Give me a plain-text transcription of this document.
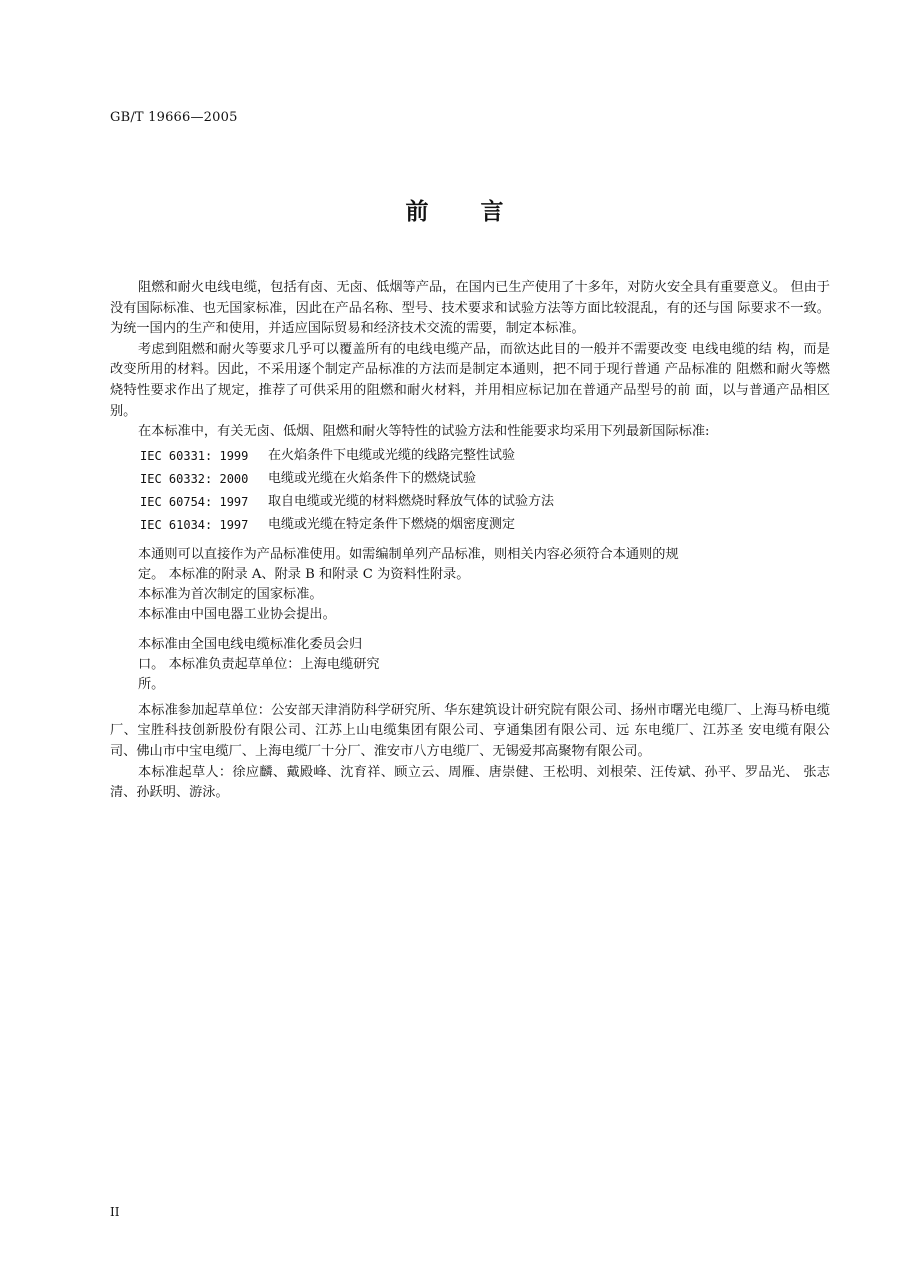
GB/T 19666—2005
前 言

阻燃和耐火电线电缆，包括有卤、无卤、低烟等产品，在国内已生产使用了十多年，对防火安全具有重要意义。 但由于没有国际标准、也无国家标准，因此在产品名称、型号、技术要求和试验方法等方面比较混乱，有的还与国 际要求不一致。为统一国内的生产和使用，并适应国际贸易和经济技术交流的需要，制定本标准。

考虑到阻燃和耐火等要求几乎可以覆盖所有的电线电缆产品，而欲达此目的一般并不需要改变 电线电缆的结 构，而是改变所用的材料。因此，不采用逐个制定产品标准的方法而是制定本通则，把不同于现行普通 产品标准的 阻燃和耐火等燃烧特性要求作出了规定，推荐了可供采用的阻燃和耐火材料，并用相应标记加在普通产品型号的前 面，以与普通产品相区别。

在本标准中，有关无卤、低烟、阻燃和耐火等特性的试验方法和性能要求均采用下列最新国际标准:

IEC 60331: 1999	在火焰条件下电缆或光缆的线路完整性试验
IEC 60332: 2000	电缆或光缆在火焰条件下的燃烧试验
IEC 60754: 1997	取自电缆或光缆的材料燃烧时释放气体的试验方法
IEC 61034: 1997	电缆或光缆在特定条件下燃烧的烟密度测定
本通则可以直接作为产品标准使用。如需编制单列产品标准，则相关内容必须符合本通则的规
定。 本标准的附录 A、附录 B 和附录 C 为资料性附录。
本标准为首次制定的国家标准。
本标准由中国电器工业协会提出。
本标准由全国电线电缆标准化委员会归
口。 本标准负责起草单位：上海电缆研究
所。

本标准参加起草单位：公安部天津消防科学研究所、华东建筑设计研究院有限公司、扬州市曙光电缆厂、上海马桥电缆厂、宝胜科技创新股份有限公司、江苏上山电缆集团有限公司、亨通集团有限公司、远 东电缆厂、江苏圣 安电缆有限公司、佛山市中宝电缆厂、上海电缆厂十分厂、淮安市八方电缆厂、无锡爱邦高聚物有限公司。

本标准起草人：徐应麟、戴殿峰、沈育祥、顾立云、周雁、唐崇健、王松明、刘根荣、汪传斌、孙平、罗品光、 张志清、孙跃明、游泳。

II
